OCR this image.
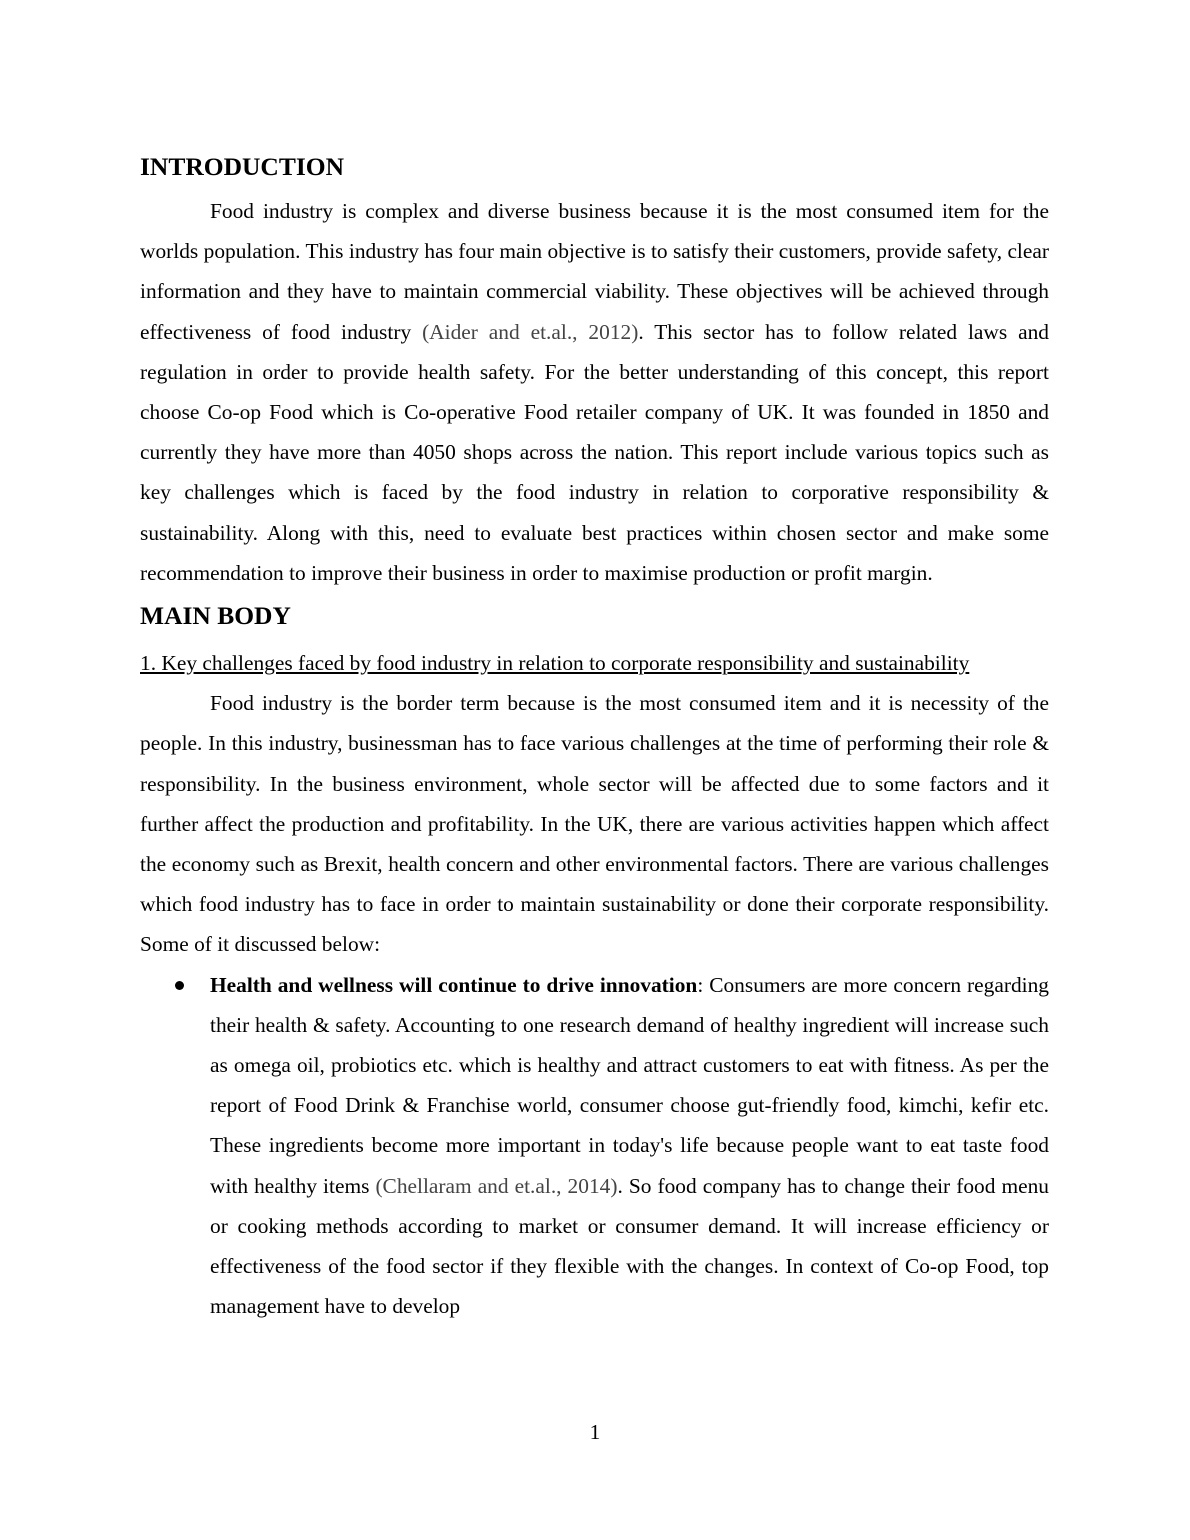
INTRODUCTION

Food industry is complex and diverse business because it is the most consumed item for the worlds population. This industry has four main objective is to satisfy their customers, provide safety, clear information and they have to maintain commercial viability. These objectives will be achieved through effectiveness of food industry (Aider and et.al., 2012). This sector has to follow related laws and regulation in order to provide health safety. For the better understanding of this concept, this report choose Co-op Food which is Co-operative Food retailer company of UK. It was founded in 1850 and currently they have more than 4050 shops across the nation. This report include various topics such as key challenges which is faced by the food industry in relation to corporative responsibility & sustainability. Along with this, need to evaluate best practices within chosen sector and make some recommendation to improve their business in order to maximise production or profit margin.

MAIN BODY

1. Key challenges faced by food industry in relation to corporate responsibility and sustainability

Food industry is the border term because is the most consumed item and it is necessity of the people. In this industry, businessman has to face various challenges at the time of performing their role & responsibility. In the business environment, whole sector will be affected due to some factors and it further affect the production and profitability. In the UK, there are various activities happen which affect the economy such as Brexit, health concern and other environmental factors. There are various challenges which food industry has to face in order to maintain sustainability or done their corporate responsibility. Some of it discussed below:

Health and wellness will continue to drive innovation: Consumers are more concern regarding their health & safety. Accounting to one research demand of healthy ingredient will increase such as omega oil, probiotics etc. which is healthy and attract customers to eat with fitness. As per the report of Food Drink & Franchise world, consumer choose gut-friendly food, kimchi, kefir etc. These ingredients become more important in today's life because people want to eat taste food with healthy items (Chellaram and et.al., 2014). So food company has to change their food menu or cooking methods according to market or consumer demand. It will increase efficiency or effectiveness of the food sector if they flexible with the changes. In context of Co-op Food, top management have to develop
1
